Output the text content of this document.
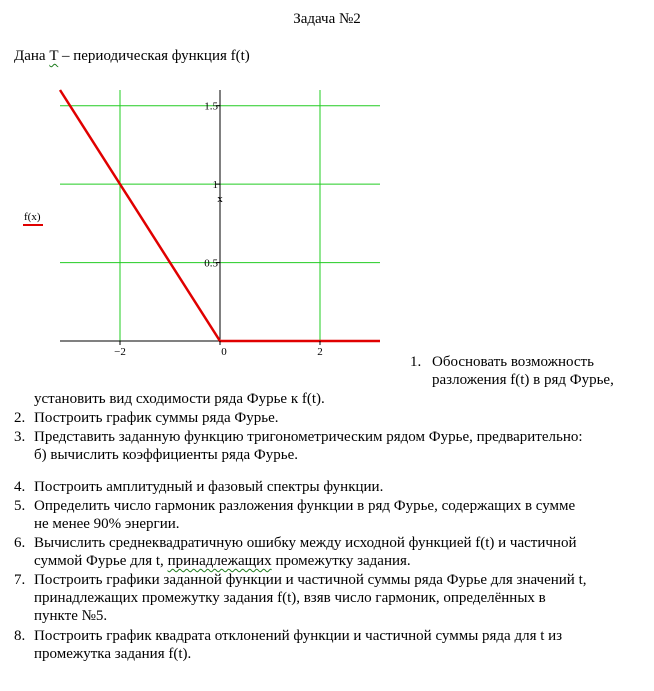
Задача №2
Дана T – периодическая функция f(t)
−2	0	2
0.5
1
1.5
x
f(x)
1. Обосновать возможность
разложения f(t) в ряд Фурье,
установить вид сходимости ряда Фурье к f(t).
2. Построить график суммы ряда Фурье.
3. Представить заданную функцию тригонометрическим рядом Фурье, предварительно:
б) вычислить коэффициенты ряда Фурье.
4. Построить амплитудный и фазовый спектры функции.
5. Определить число гармоник разложения функции в ряд Фурье, содержащих в сумме
не менее 90% энергии.
6. Вычислить среднеквадратичную ошибку между исходной функцией f(t) и частичной
суммой Фурье для t, принадлежащих промежутку задания.
7. Построить графики заданной функции и частичной суммы ряда Фурье для значений t,
принадлежащих промежутку задания f(t), взяв число гармоник, определённых в
пункте №5.
8. Построить график квадрата отклонений функции и частичной суммы ряда для t из
промежутка задания f(t).
